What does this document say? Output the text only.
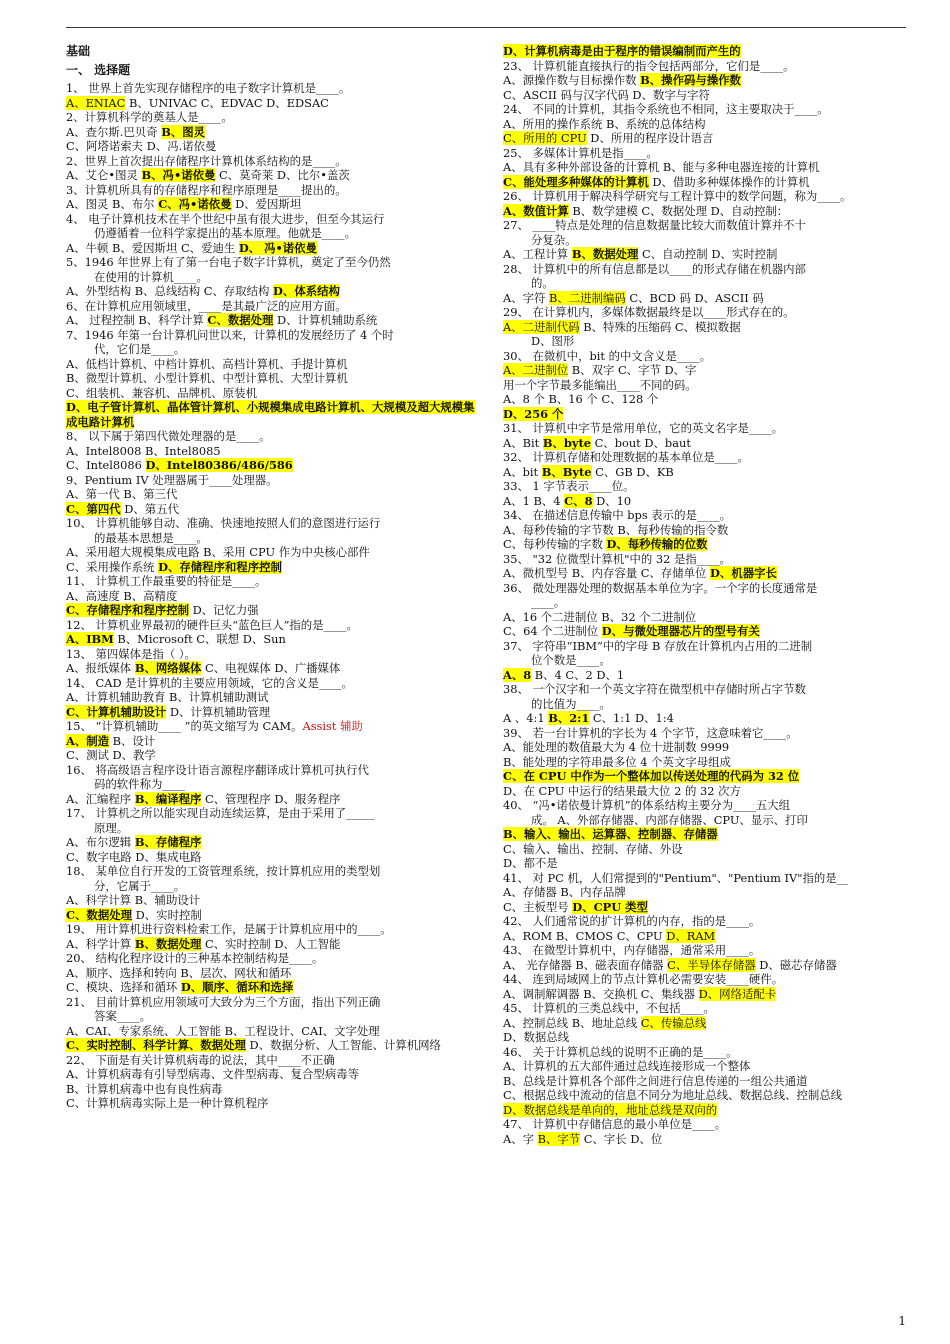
基础

一、 选择题

1、 世界上首先实现存储程序的电子数字计算机是____。

A、ENIAC B、UNIVAC C、EDVAC D、EDSAC

2、计算机科学的奠基人是____。

A、查尔斯.巴贝奇 B、图灵

C、阿塔诺索夫 D、冯.诺依曼

2、世界上首次提出存储程序计算机体系结构的是____。

A、艾仑•图灵 B、冯•诺依曼 C、莫奇莱 D、比尔•盖茨

3、计算机所具有的存储程序和程序原理是____提出的。

A、图灵 B、布尔 C、冯•诺依曼 D、爱因斯坦

4、 电子计算机技术在半个世纪中虽有很大进步，但至今其运行

仍遵循着一位科学家提出的基本原理。他就是____。

A、牛顿 B、爱因斯坦 C、爱迪生 D、 冯•诺依曼

5、1946 年世界上有了第一台电子数字计算机，奠定了至今仍然

在使用的计算机____。

A、外型结构 B、总线结构 C、存取结构 D、体系结构

6、在计算机应用领域里，____是其最广泛的应用方面。

A、 过程控制 B、科学计算 C、数据处理 D、计算机辅助系统

7、1946 年第一台计算机问世以来，计算机的发展经历了 4 个时

代，它们是____。

A、低档计算机、中档计算机、高档计算机、手提计算机

B、微型计算机、小型计算机、中型计算机、大型计算机

C、组装机、兼容机、品牌机、原装机

D、电子管计算机、晶体管计算机、小规模集成电路计算机、大规模及超大规模集成电路计算机

8、 以下属于第四代微处理器的是____。

A、Intel8008 B、Intel8085

C、Intel8086 D、Intel80386/486/586

9、Pentium IV 处理器属于____处理器。

A、第一代 B、第三代

C、第四代 D、第五代

10、 计算机能够自动、准确、快速地按照人们的意图进行运行

的最基本思想是____。

A、采用超大规模集成电路 B、采用 CPU 作为中央核心部件

C、采用操作系统 D、存储程序和程序控制

11、 计算机工作最重要的特征是____。

A、高速度 B、高精度

C、存储程序和程序控制 D、记忆力强

12、 计算机业界最初的硬件巨头“蓝色巨人”指的是____。

A、IBM B、Microsoft C、联想 D、Sun

13、 第四媒体是指（ ）。

A、报纸媒体 B、网络媒体 C、电视媒体 D、广播媒体

14、 CAD 是计算机的主要应用领域，它的含义是____。

A、计算机辅助教育 B、计算机辅助测试

C、计算机辅助设计 D、计算机辅助管理

15、 “计算机辅助____ ”的英文缩写为 CAM。Assist 辅助

A、制造 B、设计

C、测试 D、教学

16、 将高级语言程序设计语言源程序翻译成计算机可执行代

码的软件称为____

A、汇编程序 B、编译程序 C、管理程序 D、服务程序

17、 计算机之所以能实现自动连续运算，是由于采用了_____

原理。

A、布尔逻辑 B、存储程序

C、数字电路 D、集成电路

18、 某单位自行开发的工资管理系统，按计算机应用的类型划

分，它属于____。

A、科学计算 B、辅助设计

C、数据处理 D、实时控制

19、 用计算机进行资料检索工作，是属于计算机应用中的____。

A、科学计算 B、数据处理 C、实时控制 D、人工智能

20、 结构化程序设计的三种基本控制结构是____。

A、顺序、选择和转向 B、层次、网状和循环

C、模块、选择和循环 D、顺序、循环和选择

21、 目前计算机应用领域可大致分为三个方面，指出下列正确

答案____。

A、CAI、专家系统、人工智能 B、工程设计、CAI、文字处理

C、实时控制、科学计算、数据处理 D、数据分析、人工智能、计算机网络

22、 下面是有关计算机病毒的说法，其中____不正确

A、计算机病毒有引导型病毒、文件型病毒、复合型病毒等

B、计算机病毒中也有良性病毒

C、计算机病毒实际上是一种计算机程序

D、计算机病毒是由于程序的错误编制而产生的

23、 计算机能直接执行的指令包括两部分，它们是____。

A、源操作数与目标操作数 B、操作码与操作数

C、ASCII 码与汉字代码 D、数字与字符

24、 不同的计算机，其指令系统也不相同，这主要取决于____。

A、所用的操作系统 B、系统的总体结构

C、所用的 CPU D、所用的程序设计语言

25、 多媒体计算机是指____。

A、具有多种外部设备的计算机 B、能与多种电器连接的计算机

C、能处理多种媒体的计算机 D、借助多种媒体操作的计算机

26、 计算机用于解决科学研究与工程计算中的数学问题，称为____。

A、数值计算 B、数学建模 C、数据处理 D、自动控制：

27、 ____特点是处理的信息数据量比较大而数值计算并不十

分复杂。

A、工程计算 B、数据处理 C、自动控制 D、实时控制

28、 计算机中的所有信息都是以____的形式存储在机器内部

的。

A、字符 B、二进制编码 C、BCD 码 D、ASCII 码

29、 在计算机内，多媒体数据最终是以____形式存在的。

A、二进制代码 B、特殊的压缩码 C、模拟数据

D、图形

30、 在微机中，bit 的中文含义是____。

A、二进制位 B、双字 C、字节 D、字

用一个字节最多能编出____不同的码。

A、8 个 B、16 个 C、128 个

D、256 个

31、 计算机中字节是常用单位，它的英文名字是____。

A、Bit B、byte C、bout D、baut

32、 计算机存储和处理数据的基本单位是____。

A、bit B、Byte C、GB D、KB

33、 1 字节表示____位。

A、1 B、4 C、8 D、10

34、 在描述信息传输中 bps 表示的是____。

A、每秒传输的字节数 B、每秒传输的指令数

C、每秒传输的字数 D、每秒传输的位数

35、 "32 位微型计算机"中的 32 是指____。

A、微机型号 B、内存容量 C、存储单位 D、机器字长

36、 微处理器处理的数据基本单位为字。一个字的长度通常是

____。

A、16 个二进制位 B、32 个二进制位

C、64 个二进制位 D、与微处理器芯片的型号有关

37、 字符串“IBM”中的字母 B 存放在计算机内占用的二进制

位个数是____。

A、8 B、4 C、2 D、1

38、 一个汉字和一个英文字符在微型机中存储时所占字节数

的比值为____。

A 、4:1 B、2:1 C、1:1 D、1:4

39、 若一台计算机的字长为 4 个字节，这意味着它____。

A、能处理的数值最大为 4 位十进制数 9999

B、能处理的字符串最多位 4 个英文字母组成

C、在 CPU 中作为一个整体加以传送处理的代码为 32 位

D、在 CPU 中运行的结果最大位 2 的 32 次方

40、 “冯•诺依曼计算机”的体系结构主要分为____五大组

成。 A、外部存储器、内部存储器、CPU、显示、打印

B、输入、输出、运算器、控制器、存储器

C、输入、输出、控制、存储、外设

D、都不是

41、 对 PC 机，人们常提到的"Pentium"、"Pentium IV"指的是__

A、存储器 B、内存品牌

C、主板型号 D、CPU 类型

42、 人们通常说的扩计算机的内存，指的是____。

A、ROM B、CMOS C、CPU D、RAM

43、 在微型计算机中，内存储器，通常采用____。

A、 光存储器 B、磁表面存储器 C、半导体存储器 D、磁芯存储器

44、 连到局域网上的节点计算机必需要安装____硬件。

A、调制解调器 B、交换机 C、集线器 D、网络适配卡

45、 计算机的三类总线中，不包括____。

A、控制总线 B、地址总线 C、传输总线

D、数据总线

46、 关于计算机总线的说明不正确的是____。

A、计算机的五大部件通过总线连接形成一个整体

B、总线是计算机各个部件之间进行信息传递的一组公共通道

C、根据总线中流动的信息不同分为地址总线、数据总线、控制总线

D、数据总线是单向的，地址总线是双向的

47、 计算机中存储信息的最小单位是____。

A、字 B、字节 C、字长 D、位

1
